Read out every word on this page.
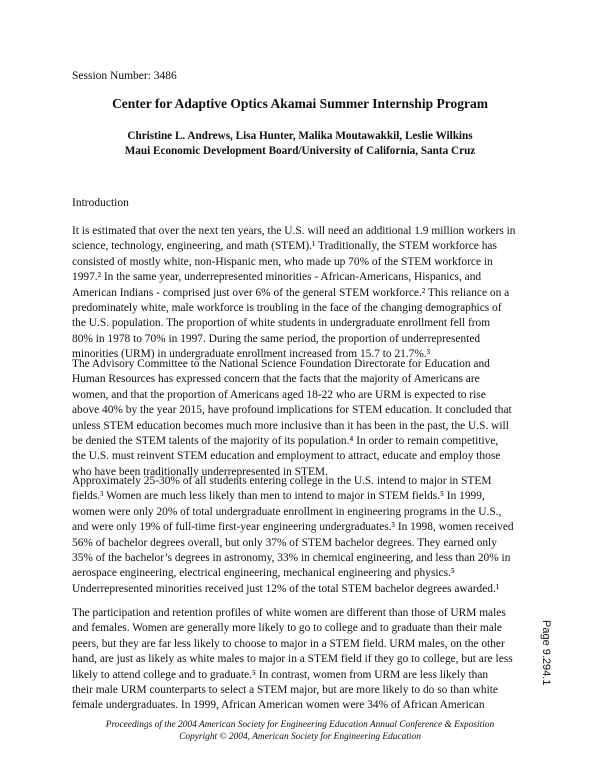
Session Number: 3486
Center for Adaptive Optics Akamai Summer Internship Program
Christine L. Andrews, Lisa Hunter, Malika Moutawakkil, Leslie Wilkins
Maui Economic Development Board/University of California, Santa Cruz
Introduction
It is estimated that over the next ten years, the U.S. will need an additional 1.9 million workers in
science, technology, engineering, and math (STEM).¹ Traditionally, the STEM workforce has
consisted of mostly white, non-Hispanic men, who made up 70% of the STEM workforce in
1997.² In the same year, underrepresented minorities - African-Americans, Hispanics, and
American Indians - comprised just over 6% of the general STEM workforce.² This reliance on a
predominately white, male workforce is troubling in the face of the changing demographics of
the U.S. population. The proportion of white students in undergraduate enrollment fell from
80% in 1978 to 70% in 1997. During the same period, the proportion of underrepresented
minorities (URM) in undergraduate enrollment increased from 15.7 to 21.7%.³
The Advisory Committee to the National Science Foundation Directorate for Education and
Human Resources has expressed concern that the facts that the majority of Americans are
women, and that the proportion of Americans aged 18-22 who are URM is expected to rise
above 40% by the year 2015, have profound implications for STEM education. It concluded that
unless STEM education becomes much more inclusive than it has been in the past, the U.S. will
be denied the STEM talents of the majority of its population.⁴ In order to remain competitive,
the U.S. must reinvent STEM education and employment to attract, educate and employ those
who have been traditionally underrepresented in STEM.
Approximately 25-30% of all students entering college in the U.S. intend to major in STEM
fields.³ Women are much less likely than men to intend to major in STEM fields.⁵ In 1999,
women were only 20% of total undergraduate enrollment in engineering programs in the U.S.,
and were only 19% of full-time first-year engineering undergraduates.³ In 1998, women received
56% of bachelor degrees overall, but only 37% of STEM bachelor degrees. They earned only
35% of the bachelor’s degrees in astronomy, 33% in chemical engineering, and less than 20% in
aerospace engineering, electrical engineering, mechanical engineering and physics.⁵
Underrepresented minorities received just 12% of the total STEM bachelor degrees awarded.¹
The participation and retention profiles of white women are different than those of URM males
and females. Women are generally more likely to go to college and to graduate than their male
peers, but they are far less likely to choose to major in a STEM field. URM males, on the other
hand, are just as likely as white males to major in a STEM field if they go to college, but are less
likely to attend college and to graduate.⁵ In contrast, women from URM are less likely than
their male URM counterparts to select a STEM major, but are more likely to do so than white
female undergraduates. In 1999, African American women were 34% of African American
Proceedings of the 2004 American Society for Engineering Education Annual Conference & Exposition
Copyright © 2004, American Society for Engineering Education
Page 9.294.1
